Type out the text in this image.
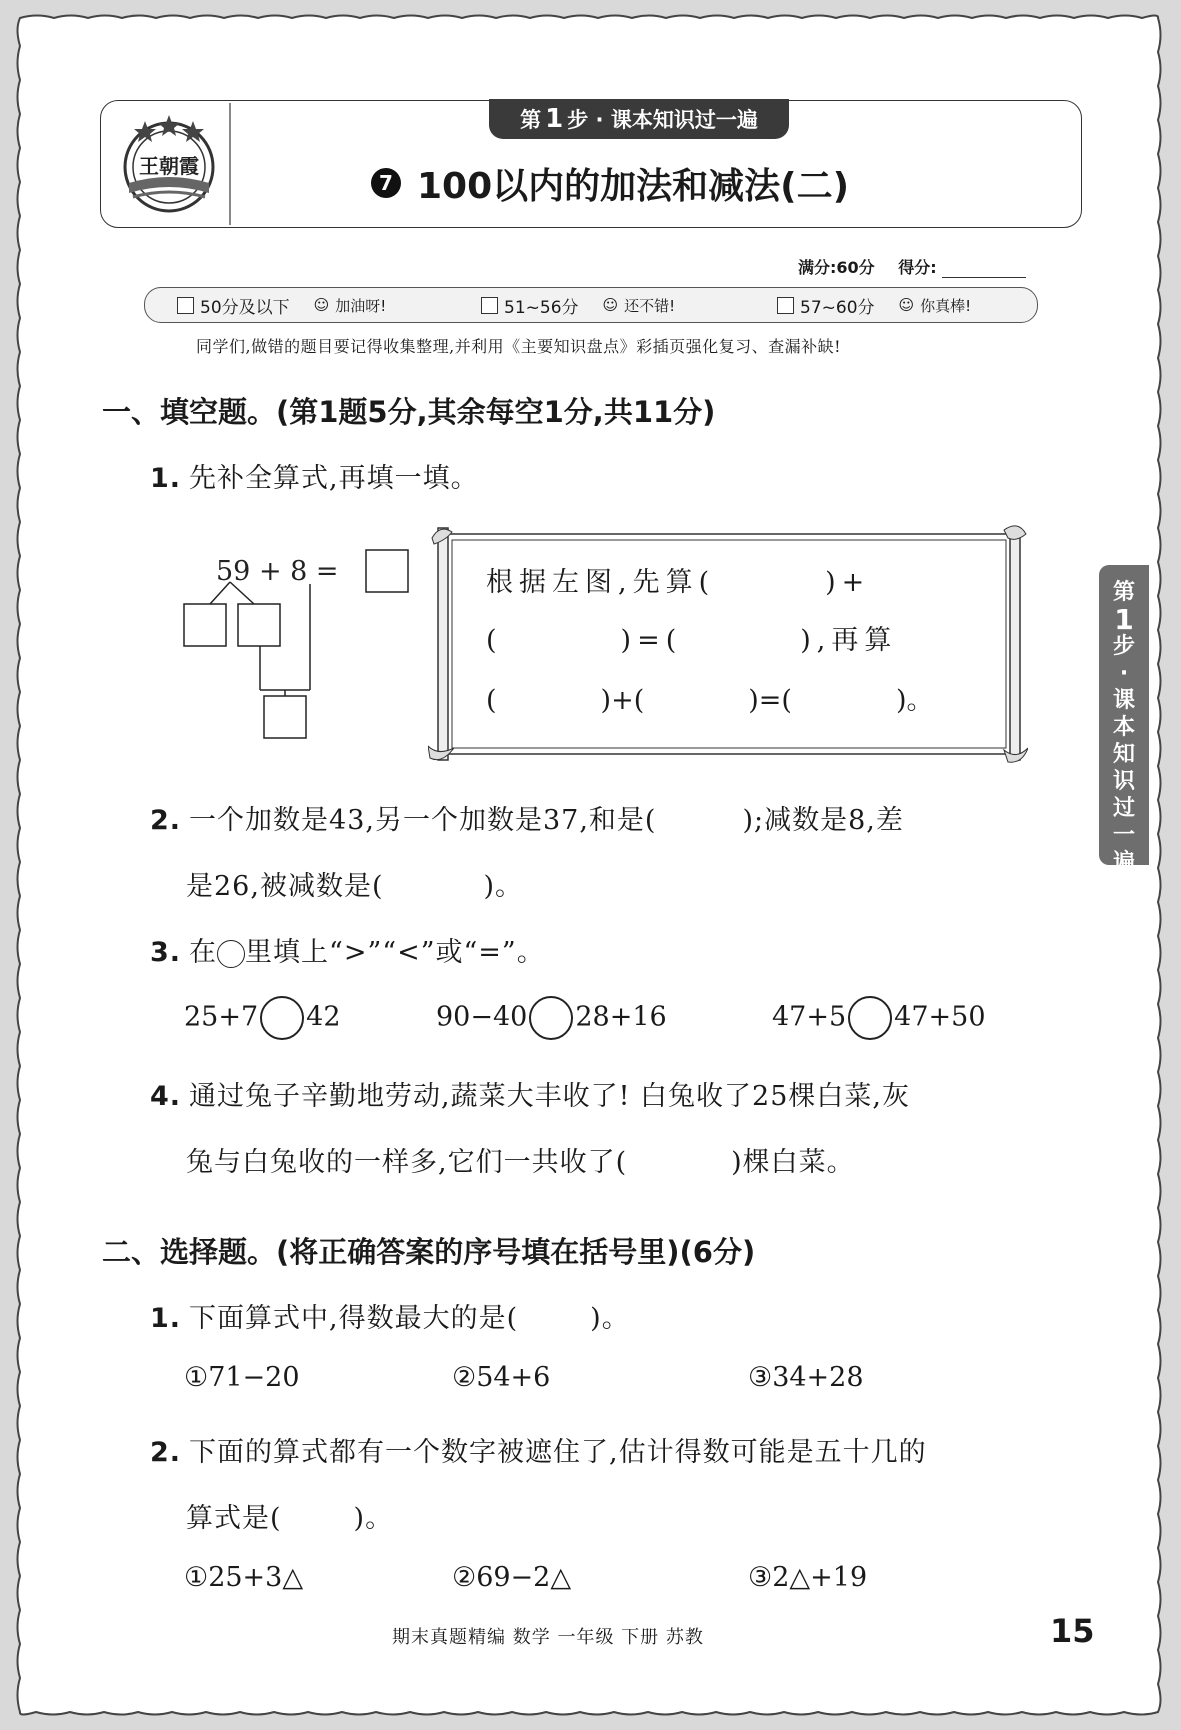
王朝霞
第 1 步 · 课本知识过一遍
7 100以内的加法和减法(二)
满分:60分 得分:
50分及以下 ☺ 加油呀!	51~56分 ☺ 还不错!	57~60分 ☺ 你真棒!
同学们,做错的题目要记得收集整理,并利用《主要知识盘点》彩插页强化复习、查漏补缺!
一、填空题。(第1题5分,其余每空1分,共11分)
1. 先补全算式,再填一填。
59 + 8 =	根据左图,先算(	)+
(	)=(	),再算
(	)+(	)=(	)。
2. 一个加数是43,另一个加数是37,和是(	);减数是8,差
是26,被减数是(	)。
3. 在 里填上“>”“<”或“=”。
25+7 42	90−40 28+16	47+5 47+50
4. 通过兔子辛勤地劳动,蔬菜大丰收了! 白兔收了25棵白菜,灰
兔与白兔收的一样多,它们一共收了(	)棵白菜。
二、选择题。(将正确答案的序号填在括号里)(6分)
1. 下面算式中,得数最大的是(	)。
①71−20	②54+6	③34+28
2. 下面的算式都有一个数字被遮住了,估计得数可能是五十几的
算式是(	)。
①25+3△	②69−2△	③2△+19
第
1
步
·
课
本
知
识
过
一
遍
期末真题精编 数学 一年级 下册 苏教	15
